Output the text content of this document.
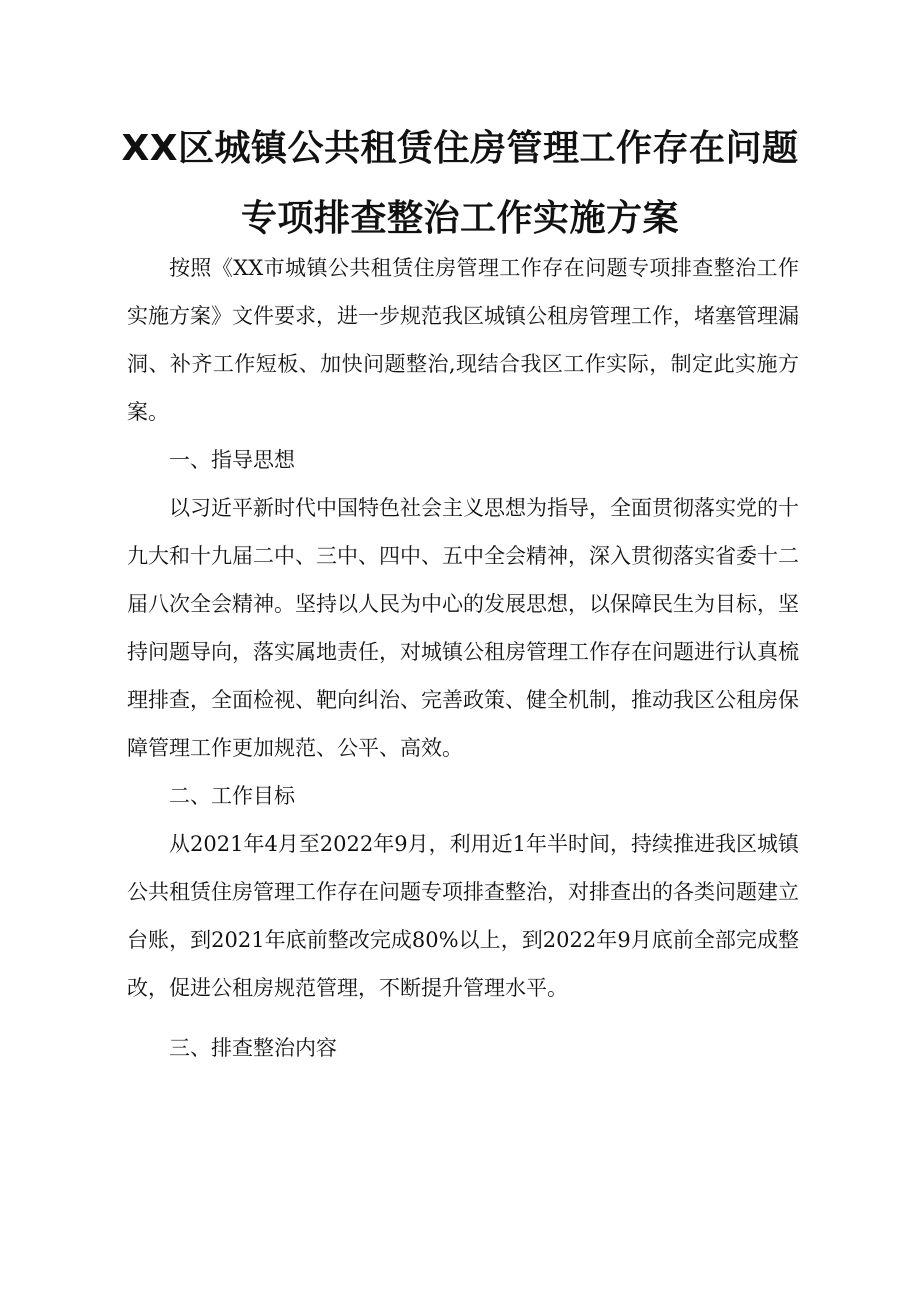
XX区城镇公共租赁住房管理工作存在问题
专项排查整治工作实施方案

按照《XX市城镇公共租赁住房管理工作存在问题专项排查整治工作实施方案》文件要求，进一步规范我区城镇公租房管理工作，堵塞管理漏洞、补齐工作短板、加快问题整治,现结合我区工作实际，制定此实施方案。

一、指导思想

以习近平新时代中国特色社会主义思想为指导，全面贯彻落实党的十九大和十九届二中、三中、四中、五中全会精神，深入贯彻落实省委十二届八次全会精神。坚持以人民为中心的发展思想，以保障民生为目标，坚持问题导向，落实属地责任，对城镇公租房管理工作存在问题进行认真梳理排查，全面检视、靶向纠治、完善政策、健全机制，推动我区公租房保障管理工作更加规范、公平、高效。

二、工作目标

从2021年4月至2022年9月，利用近1年半时间，持续推进我区城镇公共租赁住房管理工作存在问题专项排查整治，对排查出的各类问题建立台账，到2021年底前整改完成80%以上，到2022年9月底前全部完成整改，促进公租房规范管理，不断提升管理水平。

三、排查整治内容
